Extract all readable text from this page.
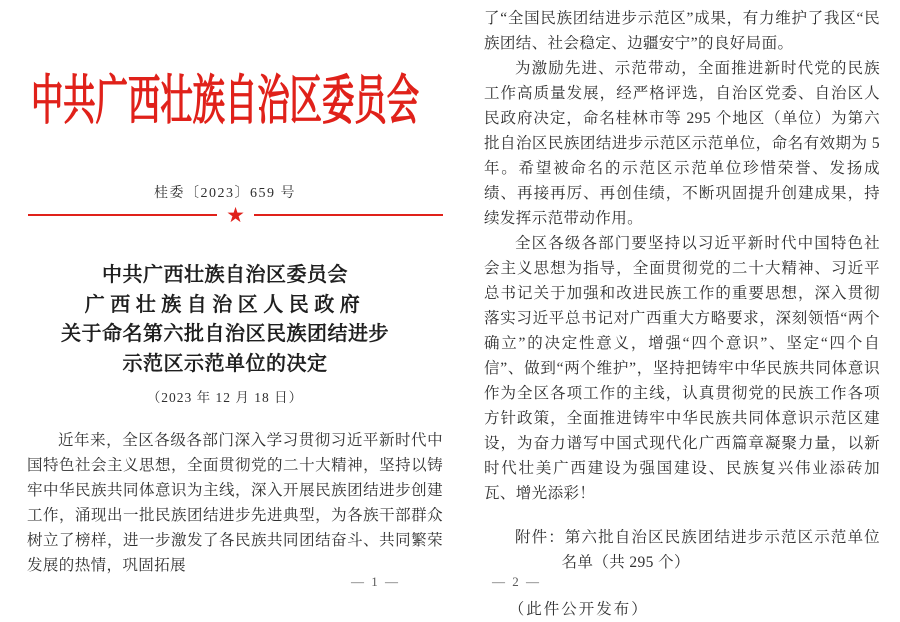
中共广西壮族自治区委员会
桂委〔2023〕659 号
★
中共广西壮族自治区委员会
广西壮族自治区人民政府
关于命名第六批自治区民族团结进步
示范区示范单位的决定
（2023 年 12 月 18 日）

近年来，全区各级各部门深入学习贯彻习近平新时代中国特色社会主义思想，全面贯彻党的二十大精神，坚持以铸牢中华民族共同体意识为主线，深入开展民族团结进步创建工作，涌现出一批民族团结进步先进典型，为各族干部群众树立了榜样，进一步激发了各民族共同团结奋斗、共同繁荣发展的热情，巩固拓展

— 1 —

了“全国民族团结进步示范区”成果，有力维护了我区“民族团结、社会稳定、边疆安宁”的良好局面。

为激励先进、示范带动，全面推进新时代党的民族工作高质量发展，经严格评选，自治区党委、自治区人民政府决定，命名桂林市等 295 个地区（单位）为第六批自治区民族团结进步示范区示范单位，命名有效期为 5 年。希望被命名的示范区示范单位珍惜荣誉、发扬成绩、再接再厉、再创佳绩，不断巩固提升创建成果，持续发挥示范带动作用。

全区各级各部门要坚持以习近平新时代中国特色社会主义思想为指导，全面贯彻党的二十大精神、习近平总书记关于加强和改进民族工作的重要思想，深入贯彻落实习近平总书记对广西重大方略要求，深刻领悟“两个确立”的决定性意义，增强“四个意识”、坚定“四个自信”、做到“两个维护”，坚持把铸牢中华民族共同体意识作为全区各项工作的主线，认真贯彻党的民族工作各项方针政策，全面推进铸牢中华民族共同体意识示范区建设，为奋力谱写中国式现代化广西篇章凝聚力量，以新时代壮美广西建设为强国建设、民族复兴伟业添砖加瓦、增光添彩！

附件：第六批自治区民族团结进步示范区示范单位名单（共 295 个）
（此件公开发布）
— 2 —
